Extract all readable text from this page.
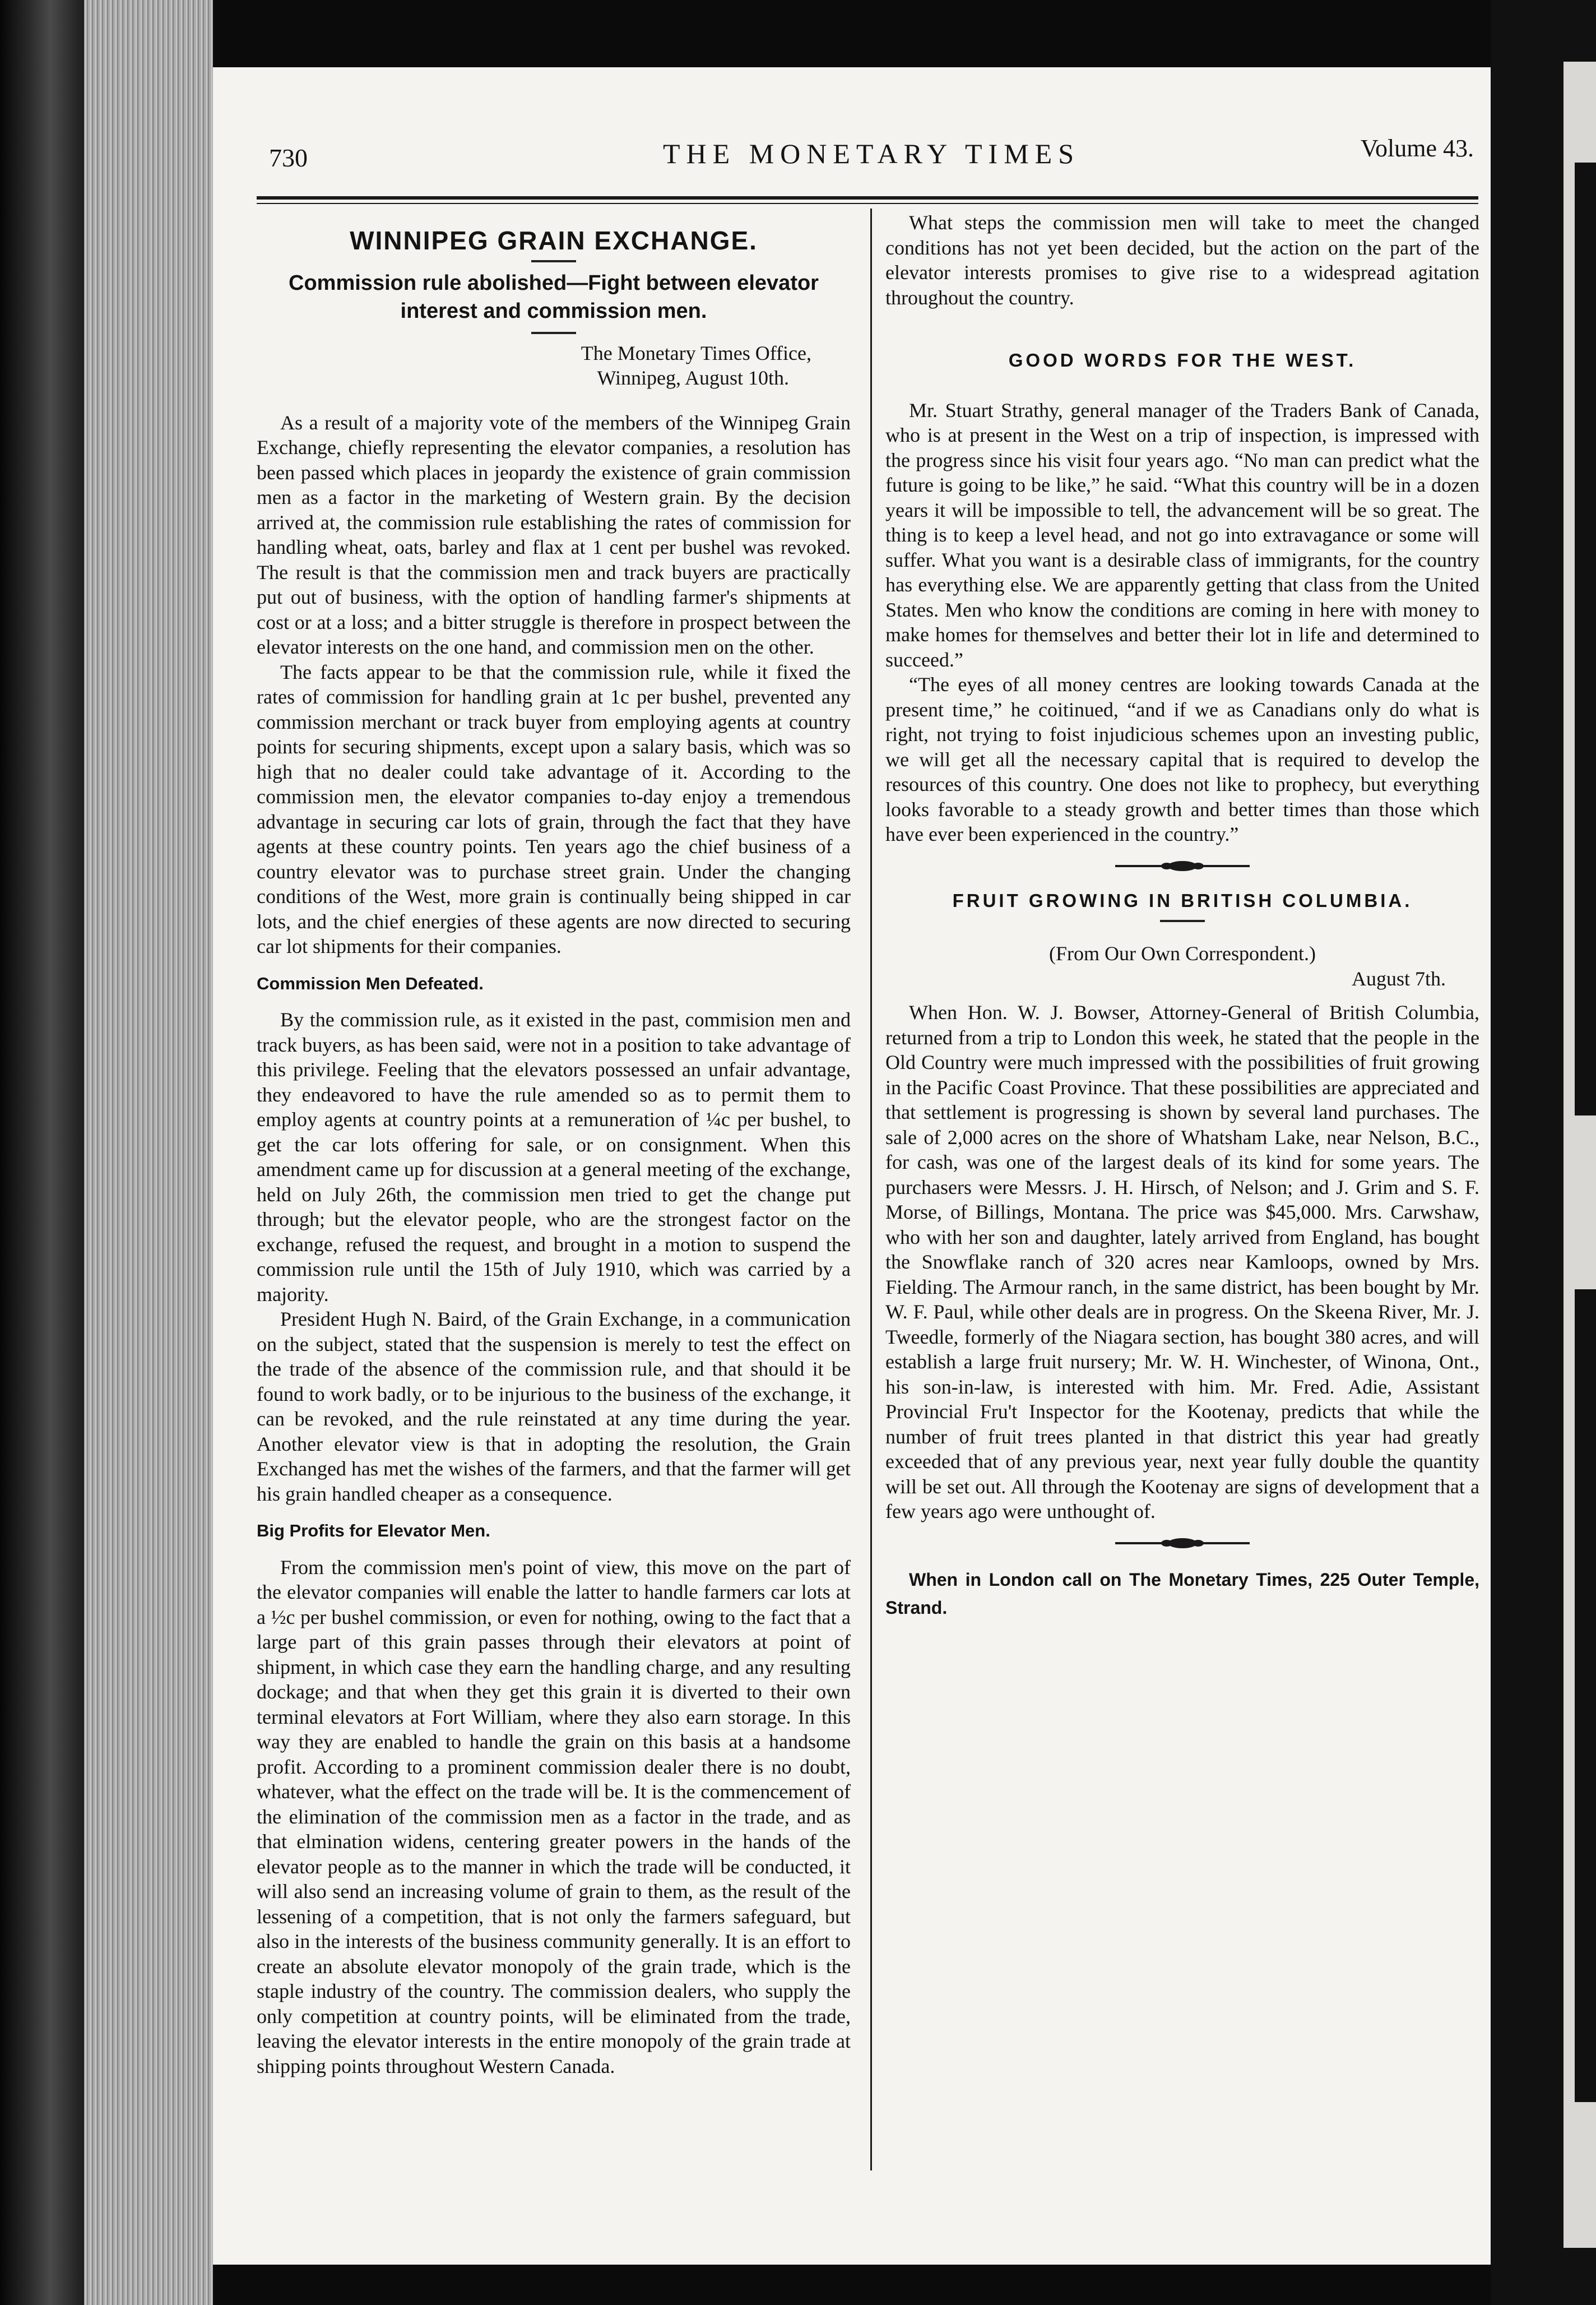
730	THE MONETARY TIMES	Volume 43.
WINNIPEG GRAIN EXCHANGE.
Commission rule abolished—Fight between elevator interest and commission men.
The Monetary Times Office,
Winnipeg, August 10th.

As a result of a majority vote of the members of the Winnipeg Grain Exchange, chiefly representing the elevator companies, a resolution has been passed which places in jeopardy the existence of grain commission men as a factor in the marketing of Western grain. By the decision arrived at, the commission rule establishing the rates of commission for handling wheat, oats, barley and flax at 1 cent per bushel was revoked. The result is that the commission men and track buyers are practically put out of business, with the option of handling farmer's shipments at cost or at a loss; and a bitter struggle is therefore in prospect between the elevator interests on the one hand, and commission men on the other.

The facts appear to be that the commission rule, while it fixed the rates of commission for handling grain at 1c per bushel, prevented any commission merchant or track buyer from employing agents at country points for securing shipments, except upon a salary basis, which was so high that no dealer could take advantage of it. According to the commission men, the elevator companies to-day enjoy a tremendous advantage in securing car lots of grain, through the fact that they have agents at these country points. Ten years ago the chief business of a country elevator was to purchase street grain. Under the changing conditions of the West, more grain is continually being shipped in car lots, and the chief energies of these agents are now directed to securing car lot shipments for their companies.

Commission Men Defeated.

By the commission rule, as it existed in the past, commision men and track buyers, as has been said, were not in a position to take advantage of this privilege. Feeling that the elevators possessed an unfair advantage, they endeavored to have the rule amended so as to permit them to employ agents at country points at a remuneration of ¼c per bushel, to get the car lots offering for sale, or on consignment. When this amendment came up for discussion at a general meeting of the exchange, held on July 26th, the commission men tried to get the change put through; but the elevator people, who are the strongest factor on the exchange, refused the request, and brought in a motion to suspend the commission rule until the 15th of July 1910, which was carried by a majority.

President Hugh N. Baird, of the Grain Exchange, in a communication on the subject, stated that the suspension is merely to test the effect on the trade of the absence of the commission rule, and that should it be found to work badly, or to be injurious to the business of the exchange, it can be revoked, and the rule reinstated at any time during the year. Another elevator view is that in adopting the resolution, the Grain Exchanged has met the wishes of the farmers, and that the farmer will get his grain handled cheaper as a consequence.

Big Profits for Elevator Men.

From the commission men's point of view, this move on the part of the elevator companies will enable the latter to handle farmers car lots at a ½c per bushel commission, or even for nothing, owing to the fact that a large part of this grain passes through their elevators at point of shipment, in which case they earn the handling charge, and any resulting dockage; and that when they get this grain it is diverted to their own terminal elevators at Fort William, where they also earn storage. In this way they are enabled to handle the grain on this basis at a handsome profit. According to a prominent commission dealer there is no doubt, whatever, what the effect on the trade will be. It is the commencement of the elimination of the commission men as a factor in the trade, and as that elmination widens, centering greater powers in the hands of the elevator people as to the manner in which the trade will be conducted, it will also send an increasing volume of grain to them, as the result of the lessening of a competition, that is not only the farmers safeguard, but also in the interests of the business community generally. It is an effort to create an absolute elevator monopoly of the grain trade, which is the staple industry of the country. The commission dealers, who supply the only competition at country points, will be eliminated from the trade, leaving the elevator interests in the entire monopoly of the grain trade at shipping points throughout Western Canada.

What steps the commission men will take to meet the changed conditions has not yet been decided, but the action on the part of the elevator interests promises to give rise to a widespread agitation throughout the country.

GOOD WORDS FOR THE WEST.

Mr. Stuart Strathy, general manager of the Traders Bank of Canada, who is at present in the West on a trip of inspection, is impressed with the progress since his visit four years ago. “No man can predict what the future is going to be like,” he said. “What this country will be in a dozen years it will be impossible to tell, the advancement will be so great. The thing is to keep a level head, and not go into extravagance or some will suffer. What you want is a desirable class of immigrants, for the country has everything else. We are apparently getting that class from the United States. Men who know the conditions are coming in here with money to make homes for themselves and better their lot in life and determined to succeed.”

“The eyes of all money centres are looking towards Canada at the present time,” he coitinued, “and if we as Canadians only do what is right, not trying to foist injudicious schemes upon an investing public, we will get all the necessary capital that is required to develop the resources of this country. One does not like to prophecy, but everything looks favorable to a steady growth and better times than those which have ever been experienced in the country.”

FRUIT GROWING IN BRITISH COLUMBIA.
(From Our Own Correspondent.)
August 7th.

When Hon. W. J. Bowser, Attorney-General of British Columbia, returned from a trip to London this week, he stated that the people in the Old Country were much impressed with the possibilities of fruit growing in the Pacific Coast Province. That these possibilities are appreciated and that settlement is progressing is shown by several land purchases. The sale of 2,000 acres on the shore of Whatsham Lake, near Nelson, B.C., for cash, was one of the largest deals of its kind for some years. The purchasers were Messrs. J. H. Hirsch, of Nelson; and J. Grim and S. F. Morse, of Billings, Montana. The price was $45,000. Mrs. Carwshaw, who with her son and daughter, lately arrived from England, has bought the Snowflake ranch of 320 acres near Kamloops, owned by Mrs. Fielding. The Armour ranch, in the same district, has been bought by Mr. W. F. Paul, while other deals are in progress. On the Skeena River, Mr. J. Tweedle, formerly of the Niagara section, has bought 380 acres, and will establish a large fruit nursery; Mr. W. H. Winchester, of Winona, Ont., his son-in-law, is interested with him. Mr. Fred. Adie, Assistant Provincial Fru't Inspector for the Kootenay, predicts that while the number of fruit trees planted in that district this year had greatly exceeded that of any previous year, next year fully double the quantity will be set out. All through the Kootenay are signs of development that a few years ago were unthought of.

When in London call on The Monetary Times, 225 Outer Temple, Strand.
